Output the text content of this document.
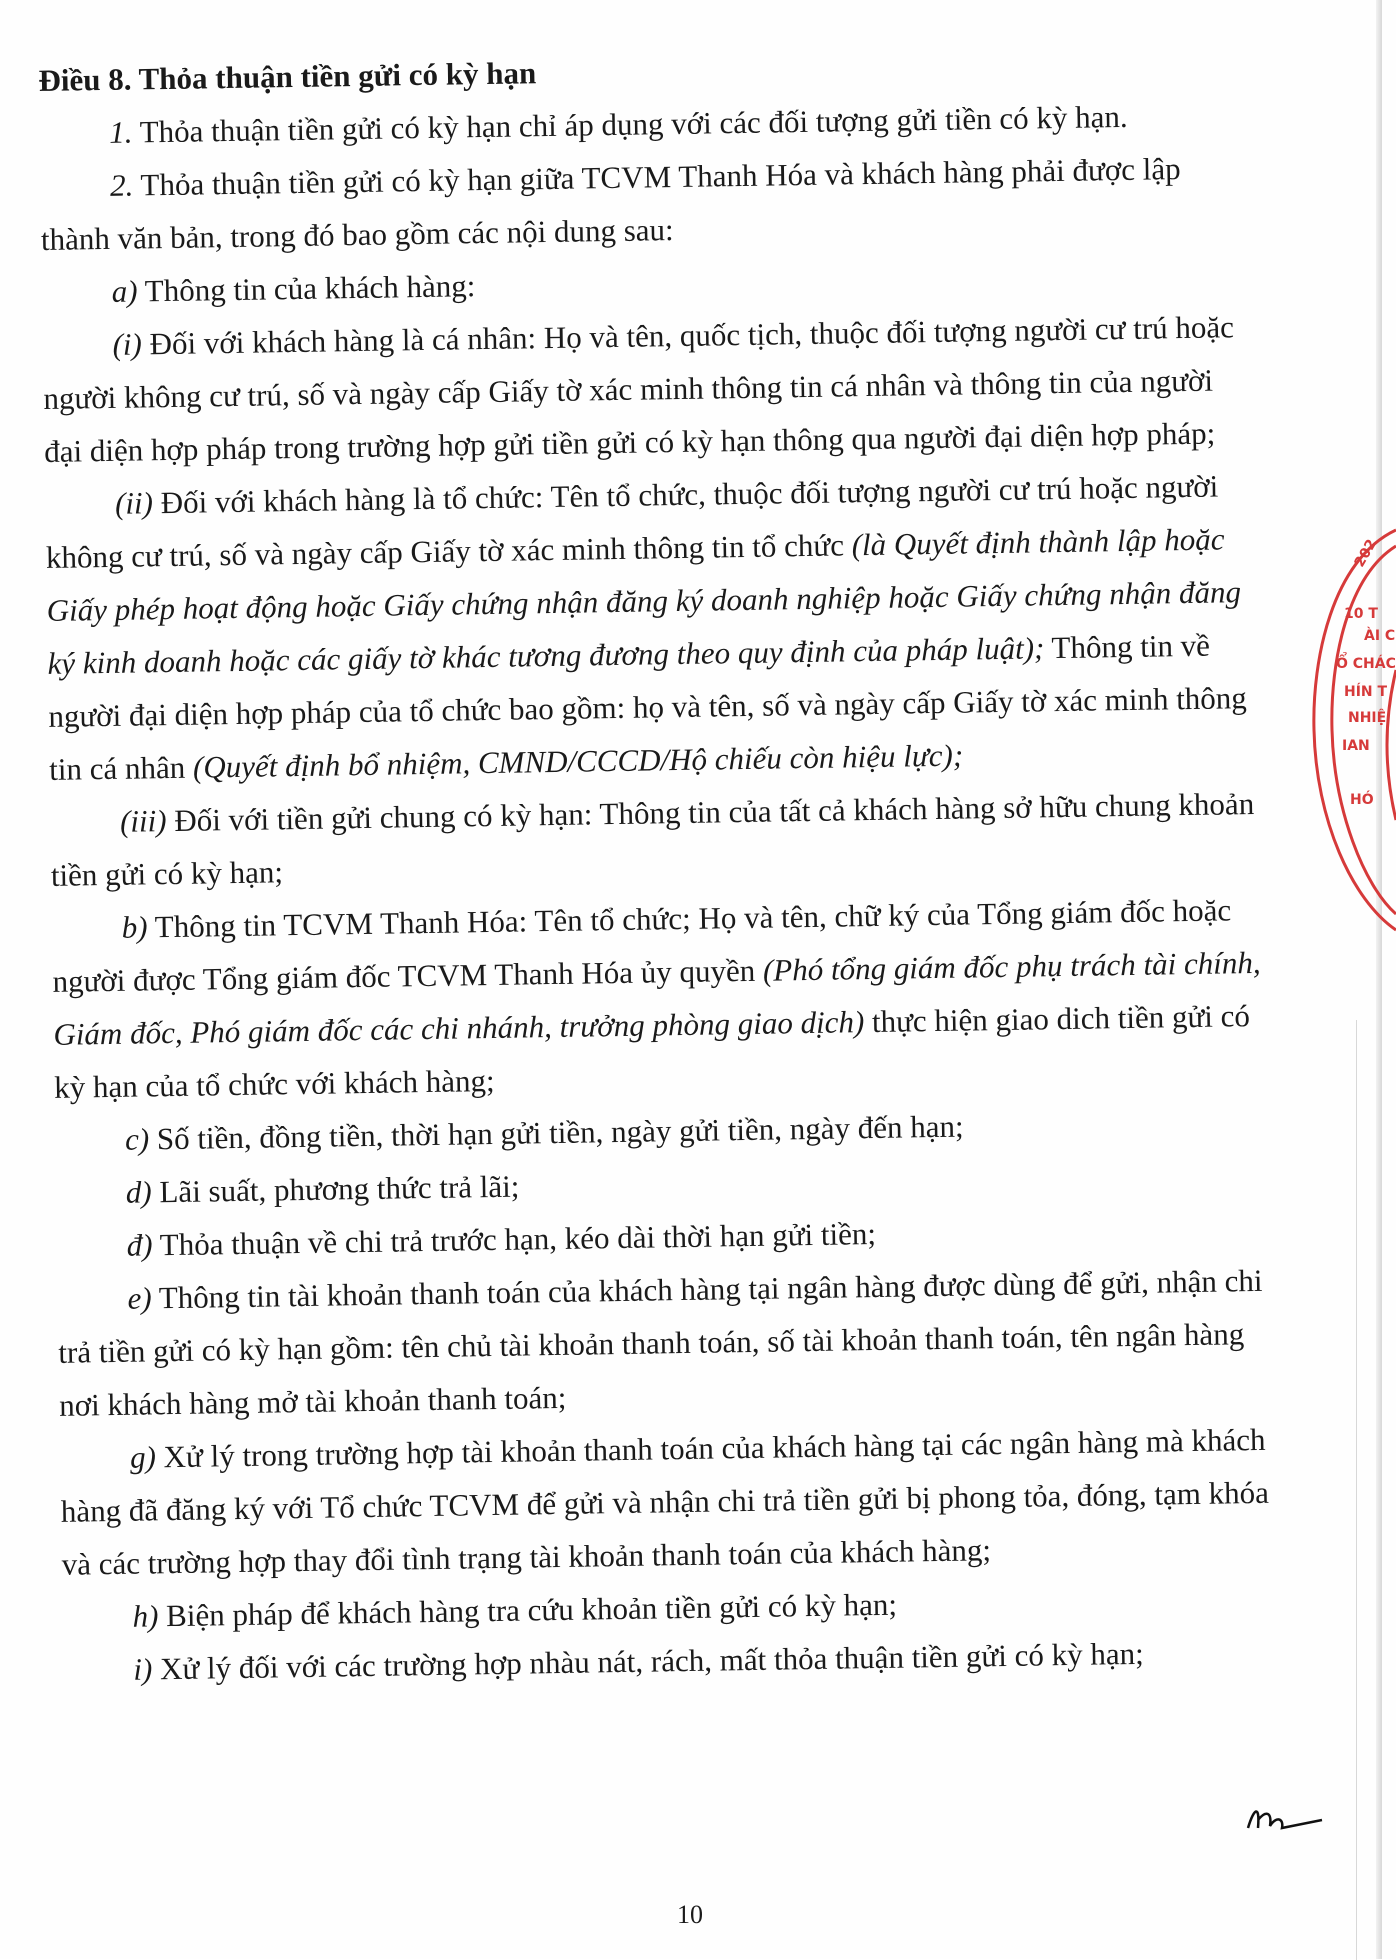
Điều 8. Thỏa thuận tiền gửi có kỳ hạn

1. Thỏa thuận tiền gửi có kỳ hạn chỉ áp dụng với các đối tượng gửi tiền có kỳ hạn.

2. Thỏa thuận tiền gửi có kỳ hạn giữa TCVM Thanh Hóa và khách hàng phải được lập thành văn bản, trong đó bao gồm các nội dung sau:

a) Thông tin của khách hàng:

(i) Đối với khách hàng là cá nhân: Họ và tên, quốc tịch, thuộc đối tượng người cư trú hoặc người không cư trú, số và ngày cấp Giấy tờ xác minh thông tin cá nhân và thông tin của người đại diện hợp pháp trong trường hợp gửi tiền gửi có kỳ hạn thông qua người đại diện hợp pháp;

(ii) Đối với khách hàng là tổ chức: Tên tổ chức, thuộc đối tượng người cư trú hoặc người không cư trú, số và ngày cấp Giấy tờ xác minh thông tin tổ chức (là Quyết định thành lập hoặc Giấy phép hoạt động hoặc Giấy chứng nhận đăng ký doanh nghiệp hoặc Giấy chứng nhận đăng ký kinh doanh hoặc các giấy tờ khác tương đương theo quy định của pháp luật); Thông tin về người đại diện hợp pháp của tổ chức bao gồm: họ và tên, số và ngày cấp Giấy tờ xác minh thông tin cá nhân (Quyết định bổ nhiệm, CMND/CCCD/Hộ chiếu còn hiệu lực);

(iii) Đối với tiền gửi chung có kỳ hạn: Thông tin của tất cả khách hàng sở hữu chung khoản tiền gửi có kỳ hạn;

b) Thông tin TCVM Thanh Hóa: Tên tổ chức; Họ và tên, chữ ký của Tổng giám đốc hoặc người được Tổng giám đốc TCVM Thanh Hóa ủy quyền (Phó tổng giám đốc phụ trách tài chính, Giám đốc, Phó giám đốc các chi nhánh, trưởng phòng giao dịch) thực hiện giao dich tiền gửi có kỳ hạn của tổ chức với khách hàng;

c) Số tiền, đồng tiền, thời hạn gửi tiền, ngày gửi tiền, ngày đến hạn;

d) Lãi suất, phương thức trả lãi;

đ) Thỏa thuận về chi trả trước hạn, kéo dài thời hạn gửi tiền;

e) Thông tin tài khoản thanh toán của khách hàng tại ngân hàng được dùng để gửi, nhận chi trả tiền gửi có kỳ hạn gồm: tên chủ tài khoản thanh toán, số tài khoản thanh toán, tên ngân hàng nơi khách hàng mở tài khoản thanh toán;

g) Xử lý trong trường hợp tài khoản thanh toán của khách hàng tại các ngân hàng mà khách hàng đã đăng ký với Tổ chức TCVM để gửi và nhận chi trả tiền gửi bị phong tỏa, đóng, tạm khóa và các trường hợp thay đổi tình trạng tài khoản thanh toán của khách hàng;

h) Biện pháp để khách hàng tra cứu khoản tiền gửi có kỳ hạn;

i) Xử lý đối với các trường hợp nhàu nát, rách, mất thỏa thuận tiền gửi có kỳ hạn;

202
10 T
ÀI C
Ổ CHÁC
HÍN T
NHIỆ
IAN
HÓ
10
